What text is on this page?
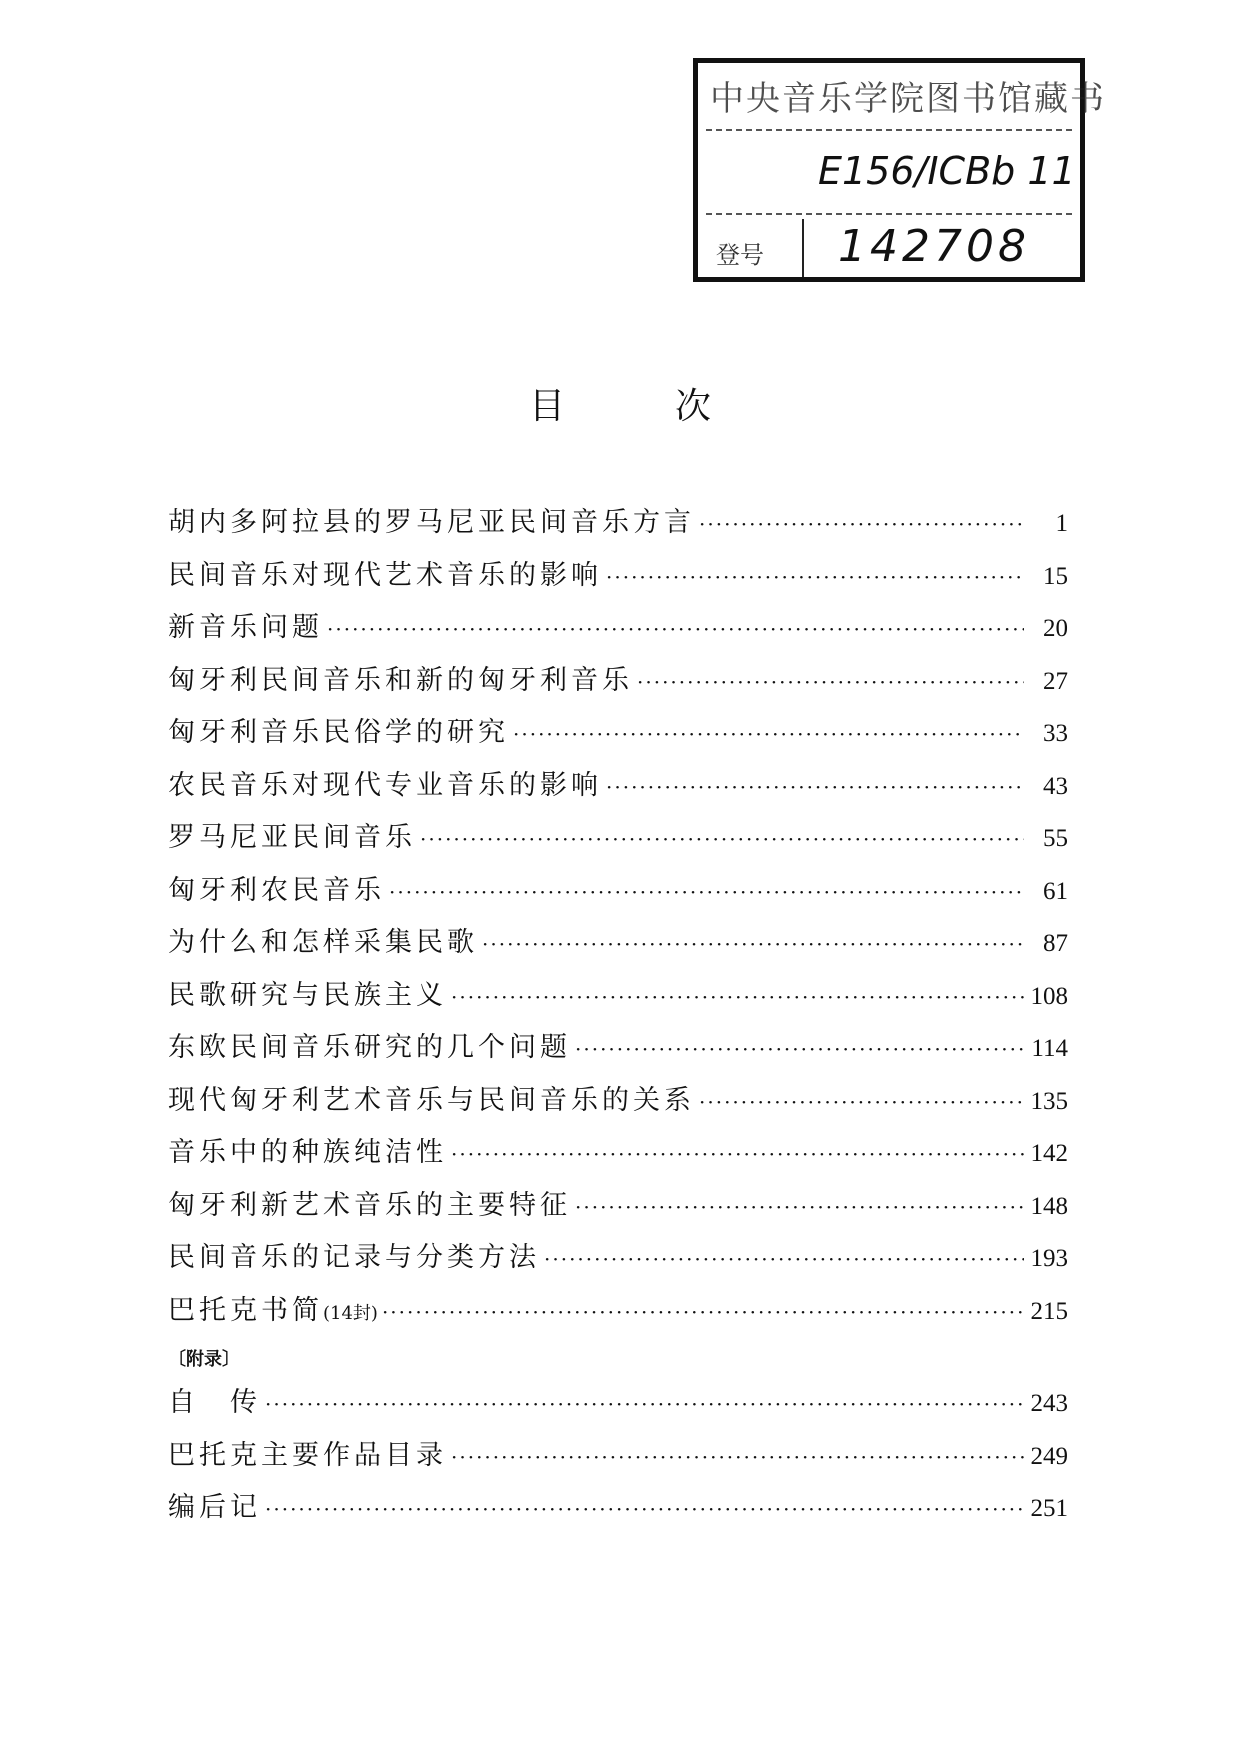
中央音乐学院图书馆藏书
E156/ICBb 11
登号 142708
目次
胡内多阿拉县的罗马尼亚民间音乐方言 ·····	1
民间音乐对现代艺术音乐的影响 ·····	15
新音乐问题 ·····	20
匈牙利民间音乐和新的匈牙利音乐 ·····	27
匈牙利音乐民俗学的研究 ·····	33
农民音乐对现代专业音乐的影响 ·····	43
罗马尼亚民间音乐 ·····	55
匈牙利农民音乐 ·····	61
为什么和怎样采集民歌 ·····	87
民歌研究与民族主义 ·····	108
东欧民间音乐研究的几个问题 ·····	114
现代匈牙利艺术音乐与民间音乐的关系 ·····	135
音乐中的种族纯洁性 ·····	142
匈牙利新艺术音乐的主要特征 ·····	148
民间音乐的记录与分类方法 ·····	193
巴托克书简(14封) ·····	215
〔附录〕
自　传 ·····	243
巴托克主要作品目录 ·····	249
编后记 ·····	251
